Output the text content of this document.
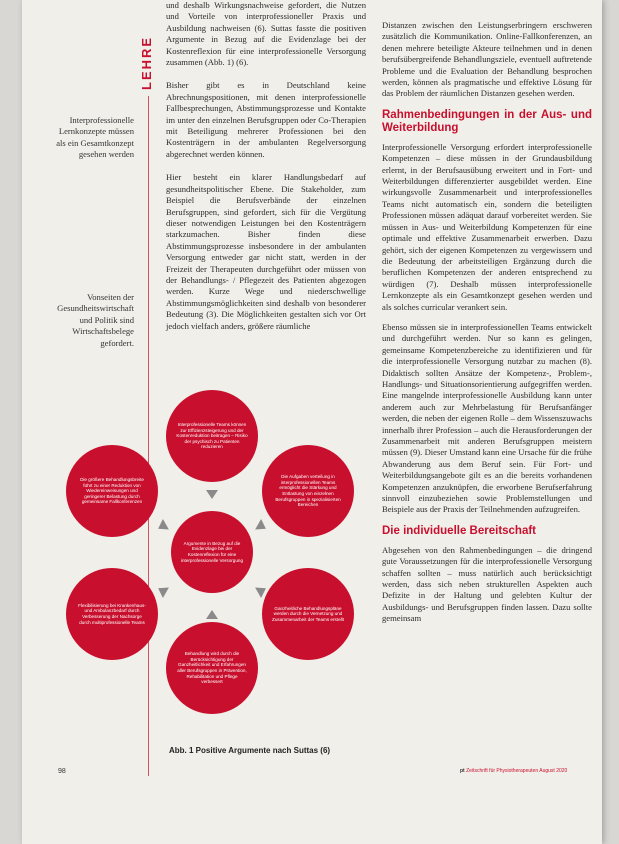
LEHRE
Interprofessionelle Lernkonzepte müssen als ein Gesamtkonzept gesehen werden
Vonseiten der Gesundheitswirtschaft und Politik sind Wirtschaftsbelege gefordert.

und deshalb Wirkungsnachweise gefordert, die Nutzen und Vorteile von interprofessioneller Praxis und Ausbildung nachweisen (6). Suttas fasste die positiven Argumente in Bezug auf die Evidenzlage bei der Kostenreflexion für eine interprofessionelle Versorgung zusammen (Abb. 1) (6).

Bisher gibt es in Deutschland keine Abrechnungspositionen, mit denen interprofessionelle Fallbesprechungen, Abstimmungsprozesse und Kontakte im unter den einzelnen Berufsgruppen oder Co-Therapien mit Beteiligung mehrerer Professionen bei den Kostenträgern in der ambulanten Regelversorgung abgerechnet werden können.

Hier besteht ein klarer Handlungsbedarf auf gesundheitspolitischer Ebene. Die Stakeholder, zum Beispiel die Berufsverbände der einzelnen Berufsgruppen, sind gefordert, sich für die Vergütung dieser notwendigen Leistungen bei den Kostenträgern starkzumachen. Bisher finden diese Abstimmungsprozesse insbesondere in der ambulanten Versorgung entweder gar nicht statt, werden in der Freizeit der Therapeuten durchgeführt oder müssen von der Behandlungs- / Pflegezeit des Patienten abgezogen werden. Kurze Wege und niederschwellige Abstimmungsmöglichkeiten sind deshalb von besonderer Bedeutung (3). Die Möglichkeiten gestalten sich vor Ort jedoch vielfach anders, größere räumliche

Distanzen zwischen den Leistungserbringern erschweren zusätzlich die Kommunikation. Online-Fallkonferenzen, an denen mehrere beteiligte Akteure teilnehmen und in denen berufsübergreifende Behandlungsziele, eventuell auftretende Probleme und die Evaluation der Behandlung besprochen werden, können als pragmatische und effektive Lösung für das Problem der räumlichen Distanzen gesehen werden.

Rahmenbedingungen in der Aus- und Weiterbildung

Interprofessionelle Versorgung erfordert interprofessionelle Kompetenzen – diese müssen in der Grundausbildung erlernt, in der Berufsausübung erweitert und in Fort- und Weiterbildungen differenzierter ausgebildet werden. Eine wirkungsvolle Zusammenarbeit und interprofessionelles Teams nicht automatisch ein, sondern die beteiligten Professionen müssen adäquat darauf vorbereitet werden. Sie müssen in Aus- und Weiterbildung Kompetenzen für eine optimale und effektive Zusammenarbeit erwerben. Dazu gehört, sich der eigenen Kompetenzen zu vergewissern und die Bedeutung der arbeitsteiligen Ergänzung durch die beruflichen Kompetenzen der anderen entsprechend zu würdigen (7). Deshalb müssen interprofessionelle Lernkonzepte als ein Gesamtkonzept gesehen werden und als solches curricular verankert sein.

Ebenso müssen sie in interprofessionellen Teams entwickelt und durchgeführt werden. Nur so kann es gelingen, gemeinsame Kompetenzbereiche zu identifizieren und für die interprofessionelle Versorgung nutzbar zu machen (8). Didaktisch sollten Ansätze der Kompetenz-, Problem-, Handlungs- und Situationsorientierung aufgegriffen werden. Eine mangelnde interprofessionelle Ausbildung kann unter anderem auch zur Mehrbelastung für Berufsanfänger werden, die neben der eigenen Rolle – dem Wissenszuwachs innerhalb ihrer Profession – auch die Herausforderungen der Zusammenarbeit mit anderen Berufsgruppen meistern müssen (9). Dieser Umstand kann eine Ursache für die frühe Abwanderung aus dem Beruf sein. Für Fort- und Weiterbildungsangebote gilt es an die bereits vorhandenen Kompetenzen anzuknüpfen, die erworbene Berufserfahrung sinnvoll einzubeziehen sowie Problemstellungen und Beispiele aus der Praxis der Teilnehmenden aufzugreifen.

Die individuelle Bereitschaft

Abgesehen von den Rahmenbedingungen – die dringend gute Voraussetzungen für die interprofessionelle Versorgung schaffen sollten – muss natürlich auch berücksichtigt werden, dass sich neben strukturellen Aspekten auch Defizite in der Haltung und gelebten Kultur der Ausbildungs- und Berufsgruppen finden lassen. Dazu sollte gemeinsam

Interprofessionelle Teams können zur Effizienzsteigerung und der Kostenreduktion beitragen – Risiko der psychisch zu Patienten reduzieren
Die Aufgaben verteilung in interprofessionellen Teams ermöglicht die Stärkung und Entlastung von einzelnen Berufsgruppen in spezialisierten Bereichen
Ganzheitliche Behandlungspläne werden durch die Vernetzung und Zusammenarbeit der Teams erstellt
Behandlung wird durch die Berücksichtigung der Ganzheitlichkeit und Erfahrungen aller Berufsgruppen in Prävention, Rehabilitation und Pflege verbessert
Flexibilisierung bei Krankenhaus- und Ambulanzbedarf durch Verbesserung der Nachsorge durch multiprofessionelle Teams
Die größere Behandlungsbreite führt zu einer Reduktion von Wiedereinweisungen und geringerer Belastung durch gemeinsame Fallkonferenzen
Argumente in Bezug auf die Evidenzlage bei der Kostenreflexion für eine interprofessionelle Versorgung
Abb. 1 Positive Argumente nach Suttas (6)
98	pt Zeitschrift für Physiotherapeuten August 2020
